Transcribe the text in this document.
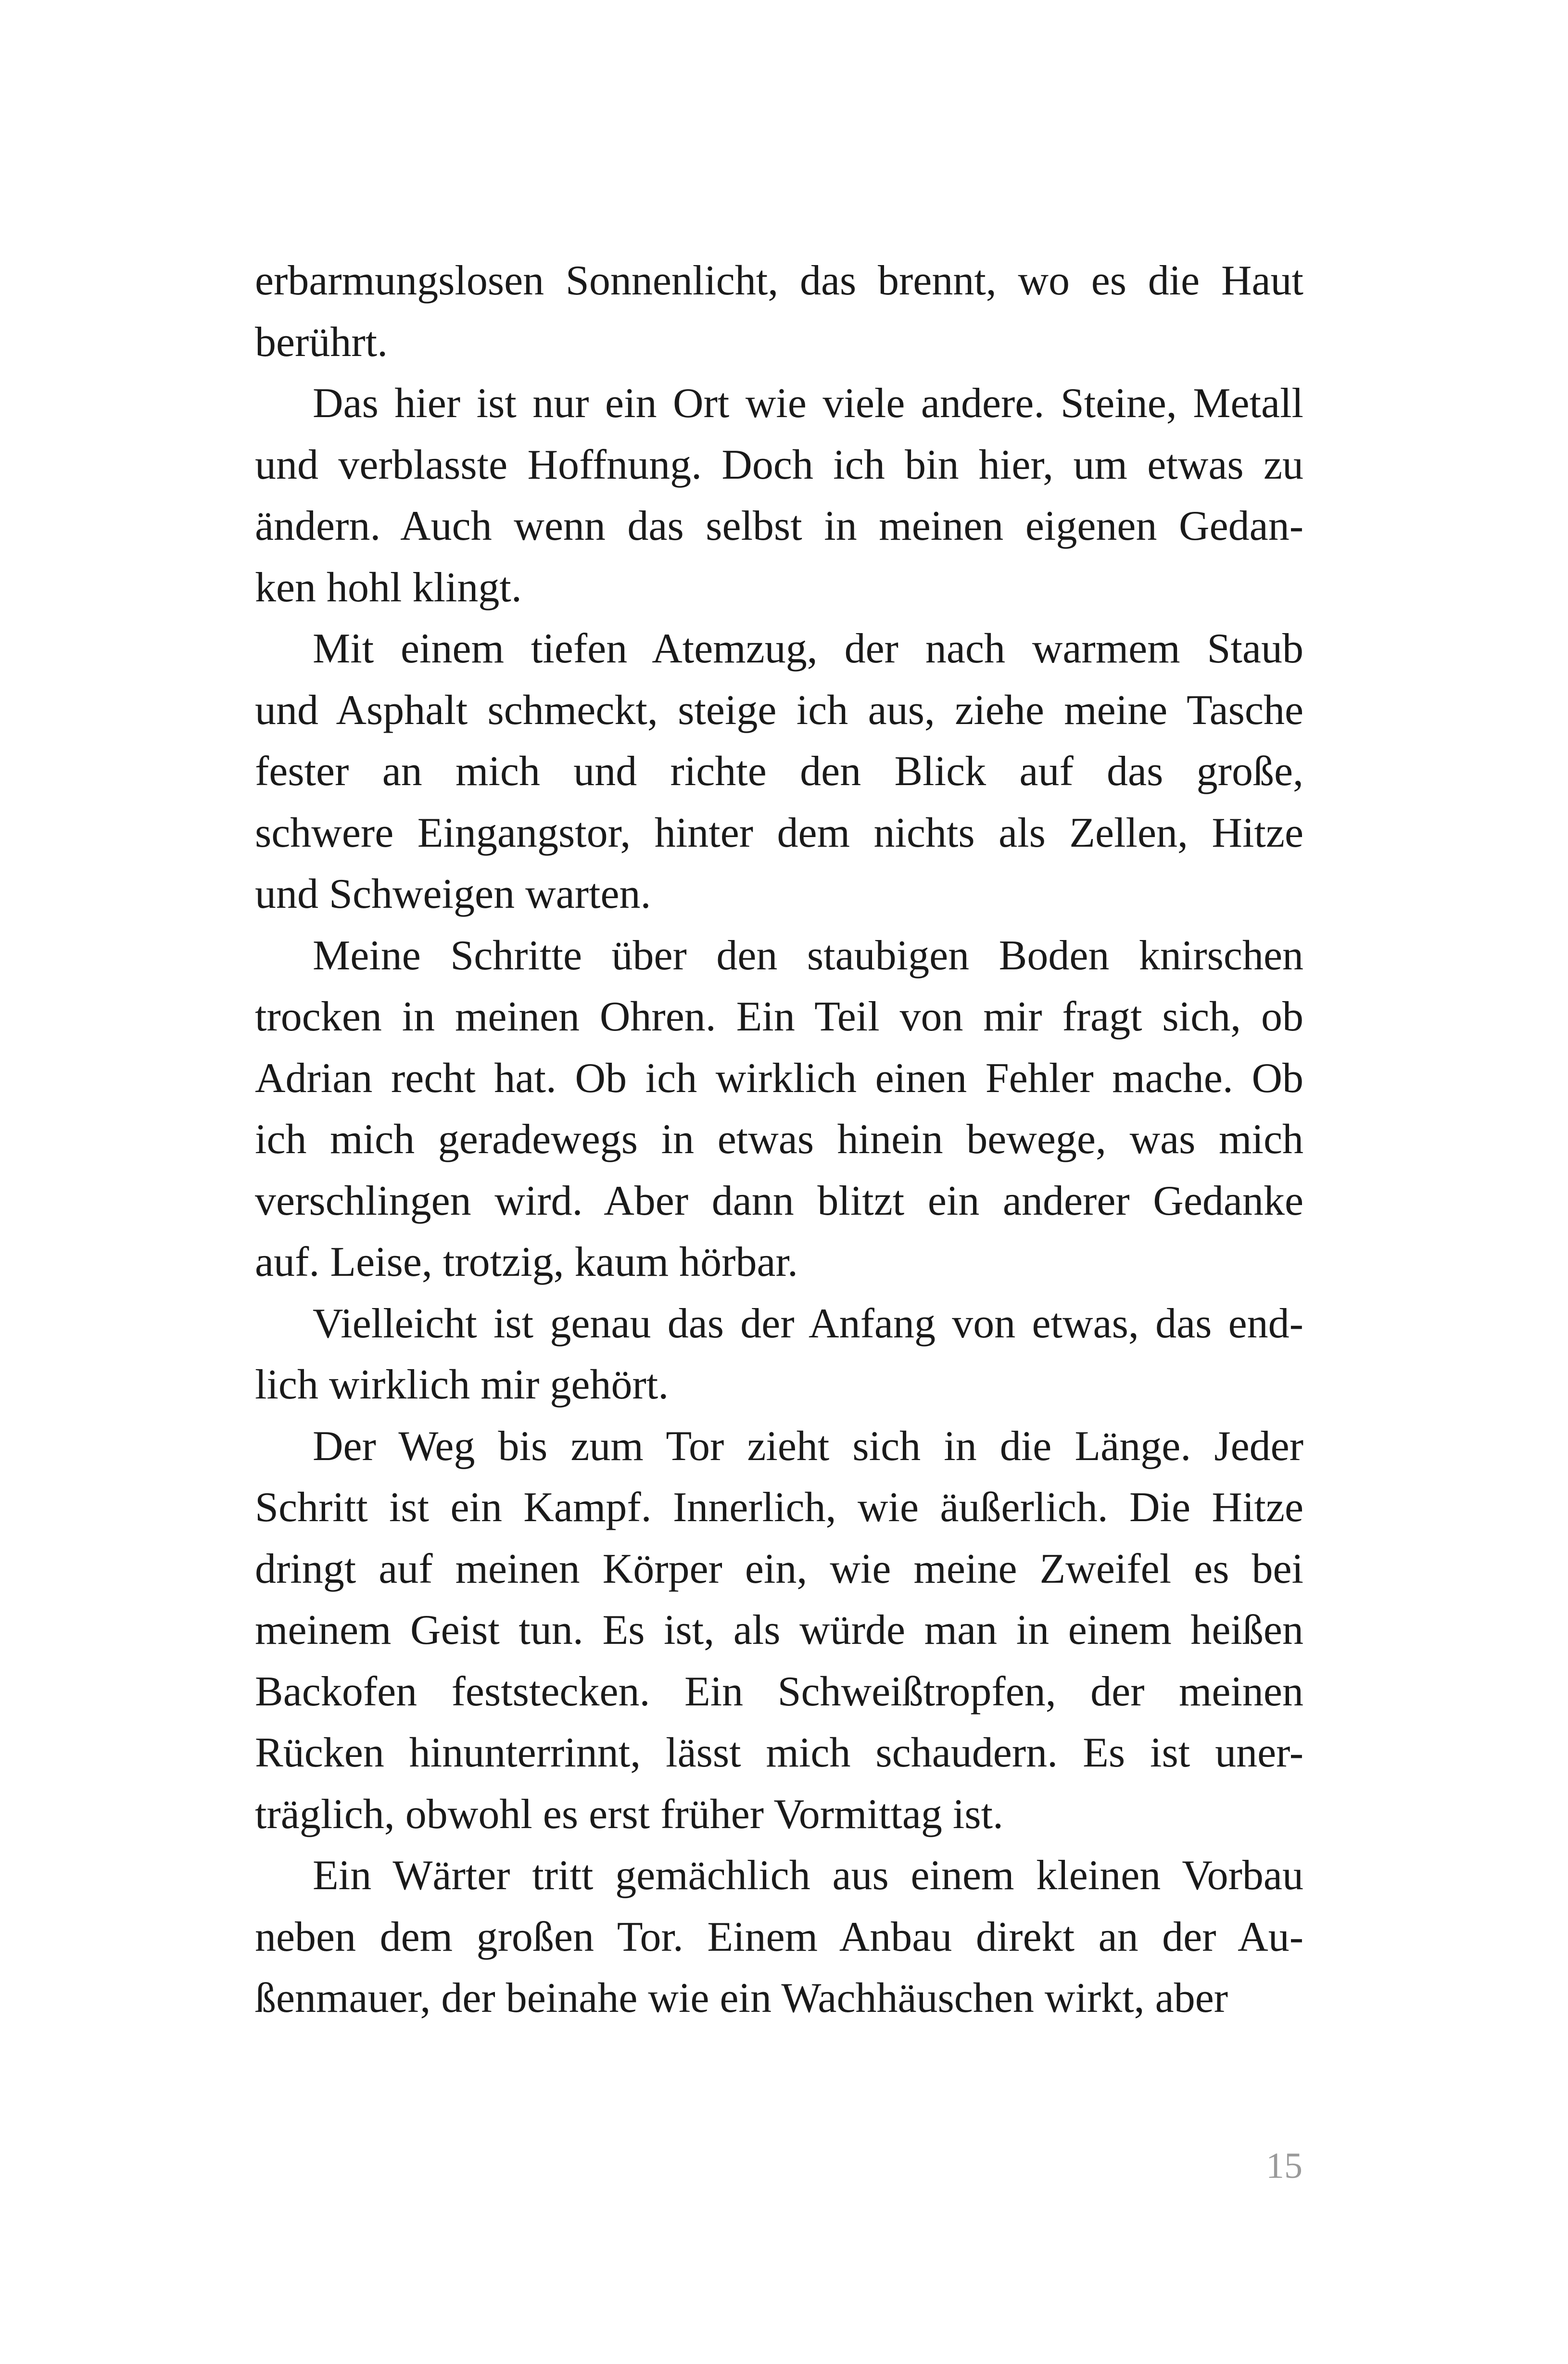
erbarmungslosen Sonnenlicht, das brennt, wo es die Haut
berührt.

Das hier ist nur ein Ort wie viele andere. Steine, Metall
und verblasste Hoffnung. Doch ich bin hier, um etwas zu
ändern. Auch wenn das selbst in meinen eigenen Gedan-
ken hohl klingt.

Mit einem tiefen Atemzug, der nach warmem Staub
und Asphalt schmeckt, steige ich aus, ziehe meine Tasche
fester an mich und richte den Blick auf das große,
schwere Eingangstor, hinter dem nichts als Zellen, Hitze
und Schweigen warten.

Meine Schritte über den staubigen Boden knirschen
trocken in meinen Ohren. Ein Teil von mir fragt sich, ob
Adrian recht hat. Ob ich wirklich einen Fehler mache. Ob
ich mich geradewegs in etwas hinein bewege, was mich
verschlingen wird. Aber dann blitzt ein anderer Gedanke
auf. Leise, trotzig, kaum hörbar.

Vielleicht ist genau das der Anfang von etwas, das end-
lich wirklich mir gehört.

Der Weg bis zum Tor zieht sich in die Länge. Jeder
Schritt ist ein Kampf. Innerlich, wie äußerlich. Die Hitze
dringt auf meinen Körper ein, wie meine Zweifel es bei
meinem Geist tun. Es ist, als würde man in einem heißen
Backofen feststecken. Ein Schweißtropfen, der meinen
Rücken hinunterrinnt, lässt mich schaudern. Es ist uner-
träglich, obwohl es erst früher Vormittag ist.

Ein Wärter tritt gemächlich aus einem kleinen Vorbau
neben dem großen Tor. Einem Anbau direkt an der Au-
ßenmauer, der beinahe wie ein Wachhäuschen wirkt, aber

15
